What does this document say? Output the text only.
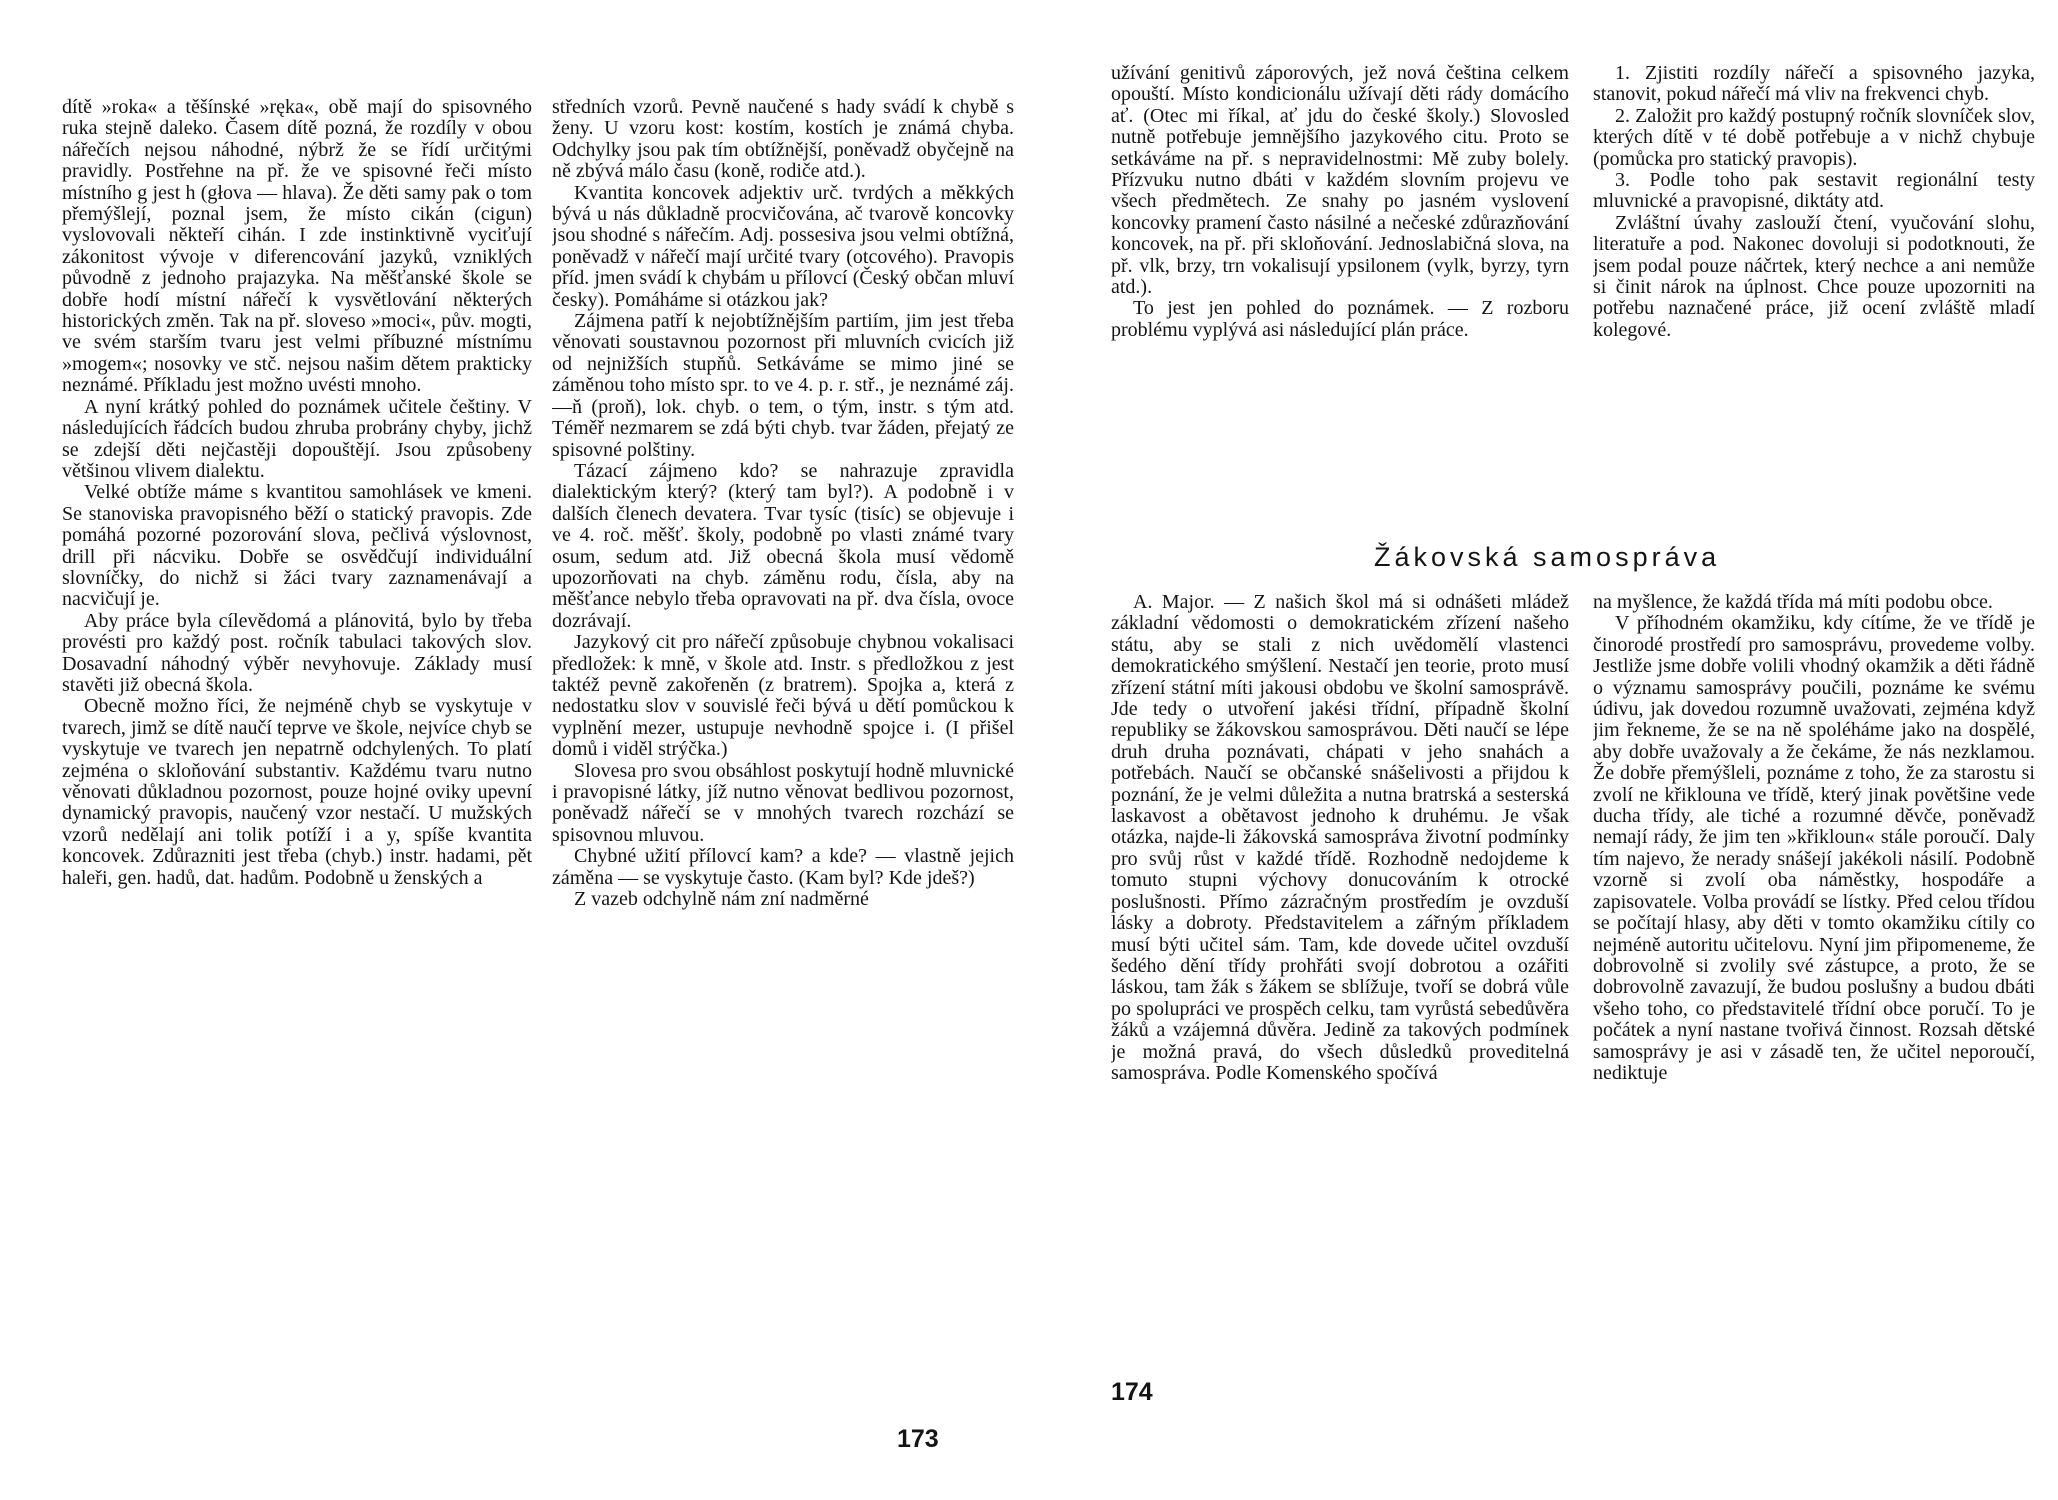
dítě »roka« a těšínské »ręka«, obě mají do spisovného ruka stejně daleko. Časem dítě pozná, že rozdíly v obou nářečích nejsou náhodné, nýbrž že se řídí určitými pravidly. Postřehne na př. že ve spisovné řeči místo místního g jest h (głova — hlava). Že děti samy pak o tom přemýšlejí, poznal jsem, že místo cikán (cigun) vyslovovali někteří cihán. I zde instinktivně vyciťují zákonitost vývoje v diferencování jazyků, vzniklých původně z jednoho prajazyka. Na měšťanské škole se dobře hodí místní nářečí k vysvětlování některých historických změn. Tak na př. sloveso »moci«, pův. mogti, ve svém starším tvaru jest velmi příbuzné místnímu »mogem«; nosovky ve stč. nejsou našim dětem prakticky neznámé. Příkladu jest možno uvésti mnoho.

A nyní krátký pohled do poznámek učitele češtiny. V následujících řádcích budou zhruba probrány chyby, jichž se zdejší děti nejčastěji dopouštějí. Jsou způsobeny většinou vlivem dialektu.

Velké obtíže máme s kvantitou samohlásek ve kmeni. Se stanoviska pravopisného běží o statický pravopis. Zde pomáhá pozorné pozorování slova, pečlivá výslovnost, drill při nácviku. Dobře se osvědčují individuální slovníčky, do nichž si žáci tvary zaznamenávají a nacvičují je.

Aby práce byla cílevědomá a plánovitá, bylo by třeba provésti pro každý post. ročník tabulaci takových slov. Dosavadní náhodný výběr nevyhovuje. Základy musí stavěti již obecná škola.

Obecně možno říci, že nejméně chyb se vyskytuje v tvarech, jimž se dítě naučí teprve ve škole, nejvíce chyb se vyskytuje ve tvarech jen nepatrně odchylených. To platí zejména o skloňování substantiv. Každému tvaru nutno věnovati důkladnou pozornost, pouze hojné oviky upevní dynamický pravopis, naučený vzor nestačí. U mužských vzorů nedělají ani tolik potíží i a y, spíše kvantita koncovek. Zdůrazniti jest třeba (chyb.) instr. hadami, pět haleři, gen. hadů, dat. hadům. Podobně u ženských a

středních vzorů. Pevně naučené s hady svádí k chybě s ženy. U vzoru kost: kostím, kostích je známá chyba. Odchylky jsou pak tím obtížnější, poněvadž obyčejně na ně zbývá málo času (koně, rodiče atd.).

Kvantita koncovek adjektiv urč. tvrdých a měkkých bývá u nás důkladně procvičována, ač tvarově koncovky jsou shodné s nářečím. Adj. possesiva jsou velmi obtížná, poněvadž v nářečí mají určité tvary (otcového). Pravopis příd. jmen svádí k chybám u přílovcí (Český občan mluví česky). Pomáháme si otázkou jak?

Zájmena patří k nejobtížnějším partiím, jim jest třeba věnovati soustavnou pozornost při mluvních cvicích již od nejnižších stupňů. Setkáváme se mimo jiné se záměnou toho místo spr. to ve 4. p. r. stř., je neznámé záj. —ň (proň), lok. chyb. o tem, o tým, instr. s tým atd. Téměř nezmarem se zdá býti chyb. tvar žáden, přejatý ze spisovné polštiny.

Tázací zájmeno kdo? se nahrazuje zpravidla dialektickým který? (který tam byl?). A podobně i v dalších členech devatera. Tvar tysíc (tisíc) se objevuje i ve 4. roč. měšť. školy, podobně po vlasti známé tvary osum, sedum atd. Již obecná škola musí vědomě upozorňovati na chyb. záměnu rodu, čísla, aby na měšťance nebylo třeba opravovati na př. dva čísla, ovoce dozrávají.

Jazykový cit pro nářečí způsobuje chybnou vokalisaci předložek: k mně, v škole atd. Instr. s předložkou z jest taktéž pevně zakořeněn (z bratrem). Spojka a, která z nedostatku slov v souvislé řeči bývá u dětí pomůckou k vyplnění mezer, ustupuje nevhodně spojce i. (I přišel domů i viděl strýčka.)

Slovesa pro svou obsáhlost poskytují hodně mluvnické i pravopisné látky, jíž nutno věnovat bedlivou pozornost, poněvadž nářečí se v mnohých tvarech rozchází se spisovnou mluvou.

Chybné užití přílovcí kam? a kde? — vlastně jejich záměna — se vyskytuje často. (Kam byl? Kde jdeš?)

Z vazeb odchylně nám zní nadměrné

173

užívání genitivů záporových, jež nová čeština celkem opouští. Místo kondicionálu užívají děti rády domácího ať. (Otec mi říkal, ať jdu do české školy.) Slovosled nutně potřebuje jemnějšího jazykového citu. Proto se setkáváme na př. s nepravidelnostmi: Mě zuby bolely. Přízvuku nutno dbáti v každém slovním projevu ve všech předmětech. Ze snahy po jasném vyslovení koncovky pramení často násilné a nečeské zdůrazňování koncovek, na př. při skloňování. Jednoslabičná slova, na př. vlk, brzy, trn vokalisují ypsilonem (vylk, byrzy, tyrn atd.).

To jest jen pohled do poznámek. — Z rozboru problému vyplývá asi následující plán práce.

1. Zjistiti rozdíly nářečí a spisovného jazyka, stanovit, pokud nářečí má vliv na frekvenci chyb.

2. Založit pro každý postupný ročník slovníček slov, kterých dítě v té době potřebuje a v nichž chybuje (pomůcka pro statický pravopis).

3. Podle toho pak sestavit regionální testy mluvnické a pravopisné, diktáty atd.

Zvláštní úvahy zaslouží čtení, vyučování slohu, literatuře a pod. Nakonec dovoluji si podotknouti, že jsem podal pouze náčrtek, který nechce a ani nemůže si činit nárok na úplnost. Chce pouze upozorniti na potřebu naznačené práce, již ocení zvláště mladí kolegové.

Žákovská samospráva

A. Major. — Z našich škol má si odnášeti mládež základní vědomosti o demokratickém zřízení našeho státu, aby se stali z nich uvědomělí vlastenci demokratického smýšlení. Nestačí jen teorie, proto musí zřízení státní míti jakousi obdobu ve školní samosprávě. Jde tedy o utvoření jakési třídní, případně školní republiky se žákovskou samosprávou. Děti naučí se lépe druh druha poznávati, chápati v jeho snahách a potřebách. Naučí se občanské snášelivosti a přijdou k poznání, že je velmi důležita a nutna bratrská a sesterská laskavost a obětavost jednoho k druhému. Je však otázka, najde-li žákovská samospráva životní podmínky pro svůj růst v každé třídě. Rozhodně nedojdeme k tomuto stupni výchovy donucováním k otrocké poslušnosti. Přímo zázračným prostředím je ovzduší lásky a dobroty. Představitelem a zářným příkladem musí býti učitel sám. Tam, kde dovede učitel ovzduší šedého dění třídy prohřáti svojí dobrotou a ozářiti láskou, tam žák s žákem se sblížuje, tvoří se dobrá vůle po spolupráci ve prospěch celku, tam vyrůstá sebedůvěra žáků a vzájemná důvěra. Jedině za takových podmínek je možná pravá, do všech důsledků proveditelná samospráva. Podle Komenského spočívá

na myšlence, že každá třída má míti podobu obce.

V příhodném okamžiku, kdy cítíme, že ve třídě je činorodé prostředí pro samosprávu, provedeme volby. Jestliže jsme dobře volili vhodný okamžik a děti řádně o významu samosprávy poučili, poznáme ke svému údivu, jak dovedou rozumně uvažovati, zejména když jim řekneme, že se na ně spoléháme jako na dospělé, aby dobře uvažovaly a že čekáme, že nás nezklamou. Že dobře přemýšleli, poznáme z toho, že za starostu si zvolí ne křiklouna ve třídě, který jinak povětšine vede ducha třídy, ale tiché a rozumné děvče, poněvadž nemají rády, že jim ten »křikloun« stále poroučí. Daly tím najevo, že nerady snášejí jakékoli násilí. Podobně vzorně si zvolí oba náměstky, hospodáře a zapisovatele. Volba provádí se lístky. Před celou třídou se počítají hlasy, aby děti v tomto okamžiku cítily co nejméně autoritu učitelovu. Nyní jim připomeneme, že dobrovolně si zvolily své zástupce, a proto, že se dobrovolně zavazují, že budou poslušny a budou dbáti všeho toho, co představitelé třídní obce poručí. To je počátek a nyní nastane tvořivá činnost. Rozsah dětské samosprávy je asi v zásadě ten, že učitel neporoučí, nediktuje

174
